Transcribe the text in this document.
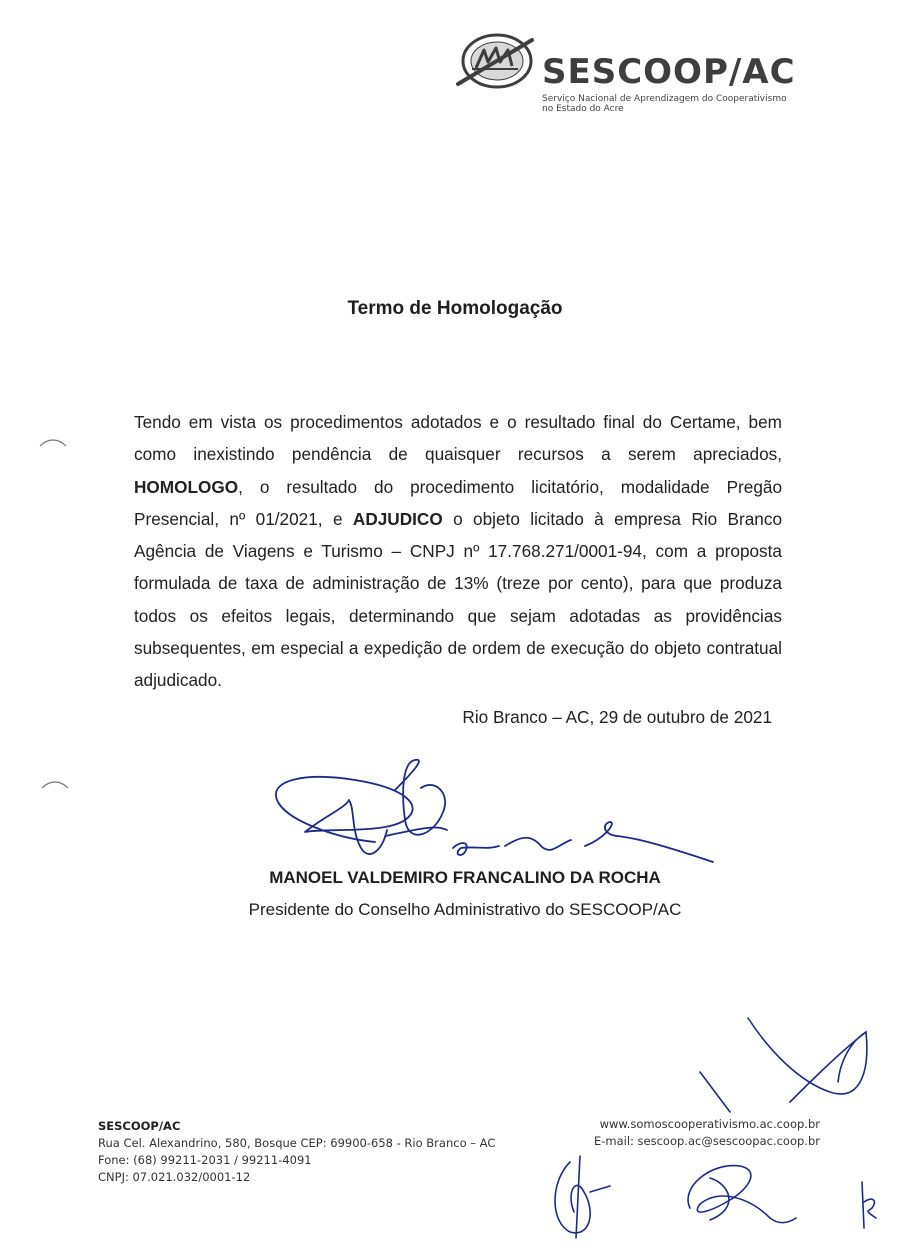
SESCOOP/AC
Serviço Nacional de Aprendizagem do Cooperativismo
no Estado do Acre
Termo de Homologação
Tendo em vista os procedimentos adotados e o resultado final do Certame, bem como inexistindo pendência de quaisquer recursos a serem apreciados, HOMOLOGO, o resultado do procedimento licitatório, modalidade Pregão Presencial, nº 01/2021, e ADJUDICO o objeto licitado à empresa Rio Branco Agência de Viagens e Turismo – CNPJ nº 17.768.271/0001-94, com a proposta formulada de taxa de administração de 13% (treze por cento), para que produza todos os efeitos legais, determinando que sejam adotadas as providências subsequentes, em especial a expedição de ordem de execução do objeto contratual adjudicado.
Rio Branco – AC, 29 de outubro de 2021
MANOEL VALDEMIRO FRANCALINO DA ROCHA
Presidente do Conselho Administrativo do SESCOOP/AC
SESCOOP/AC
Rua Cel. Alexandrino, 580, Bosque CEP: 69900-658 - Rio Branco – AC
Fone: (68) 99211-2031 / 99211-4091
CNPJ: 07.021.032/0001-12
www.somoscooperativismo.ac.coop.br
E-mail: sescoop.ac@sescoopac.coop.br
